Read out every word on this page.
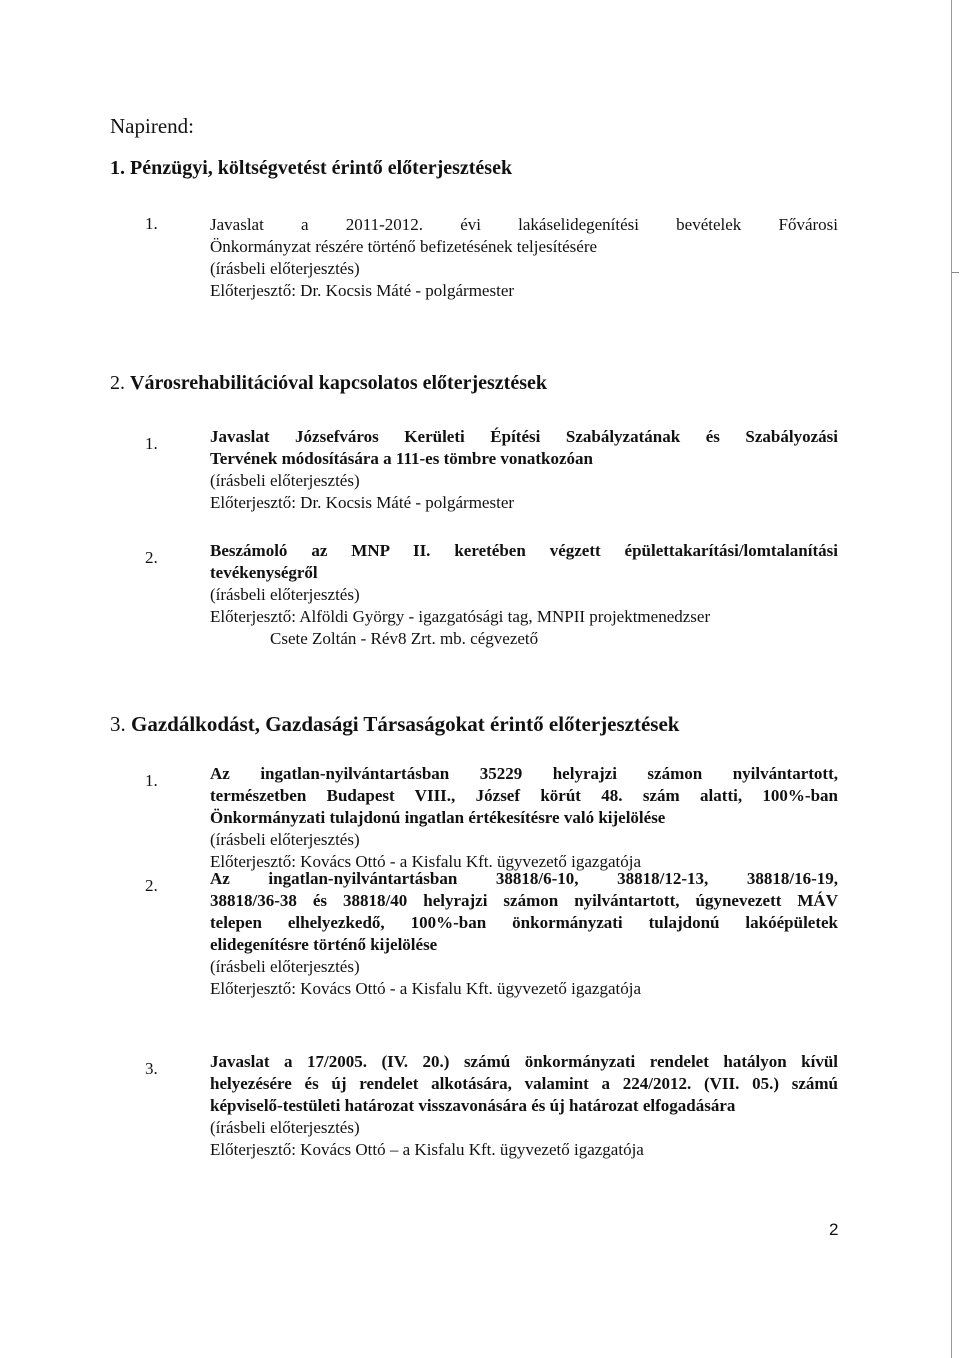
Napirend:
1. Pénzügyi, költségvetést érintő előterjesztések
1.	Javaslat a 2011-2012. évi lakáselidegenítési bevételek Fővárosi
Önkormányzat részére történő befizetésének teljesítésére
(írásbeli előterjesztés)
Előterjesztő: Dr. Kocsis Máté - polgármester
2. Városrehabilitációval kapcsolatos előterjesztések
1.	Javaslat Józsefváros Kerületi Építési Szabályzatának és Szabályozási
Tervének módosítására a 111-es tömbre vonatkozóan
(írásbeli előterjesztés)
Előterjesztő: Dr. Kocsis Máté - polgármester
2.	Beszámoló az MNP II. keretében végzett épülettakarítási/lomtalanítási
tevékenységről
(írásbeli előterjesztés)
Előterjesztő: Alföldi György - igazgatósági tag, MNPII projektmenedzser
Csete Zoltán - Rév8 Zrt. mb. cégvezető
3. Gazdálkodást, Gazdasági Társaságokat érintő előterjesztések
1.	Az ingatlan-nyilvántartásban 35229 helyrajzi számon nyilvántartott,
természetben Budapest VIII., József körút 48. szám alatti, 100%-ban
Önkormányzati tulajdonú ingatlan értékesítésre való kijelölése
(írásbeli előterjesztés)
Előterjesztő: Kovács Ottó - a Kisfalu Kft. ügyvezető igazgatója
2.	Az ingatlan-nyilvántartásban 38818/6-10, 38818/12-13, 38818/16-19,
38818/36-38 és 38818/40 helyrajzi számon nyilvántartott, úgynevezett MÁV
telepen elhelyezkedő, 100%-ban önkormányzati tulajdonú lakóépületek
elidegenítésre történő kijelölése
(írásbeli előterjesztés)
Előterjesztő: Kovács Ottó - a Kisfalu Kft. ügyvezető igazgatója
3.	Javaslat a 17/2005. (IV. 20.) számú önkormányzati rendelet hatályon kívül
helyezésére és új rendelet alkotására, valamint a 224/2012. (VII. 05.) számú
képviselő-testületi határozat visszavonására és új határozat elfogadására
(írásbeli előterjesztés)
Előterjesztő: Kovács Ottó – a Kisfalu Kft. ügyvezető igazgatója
2
